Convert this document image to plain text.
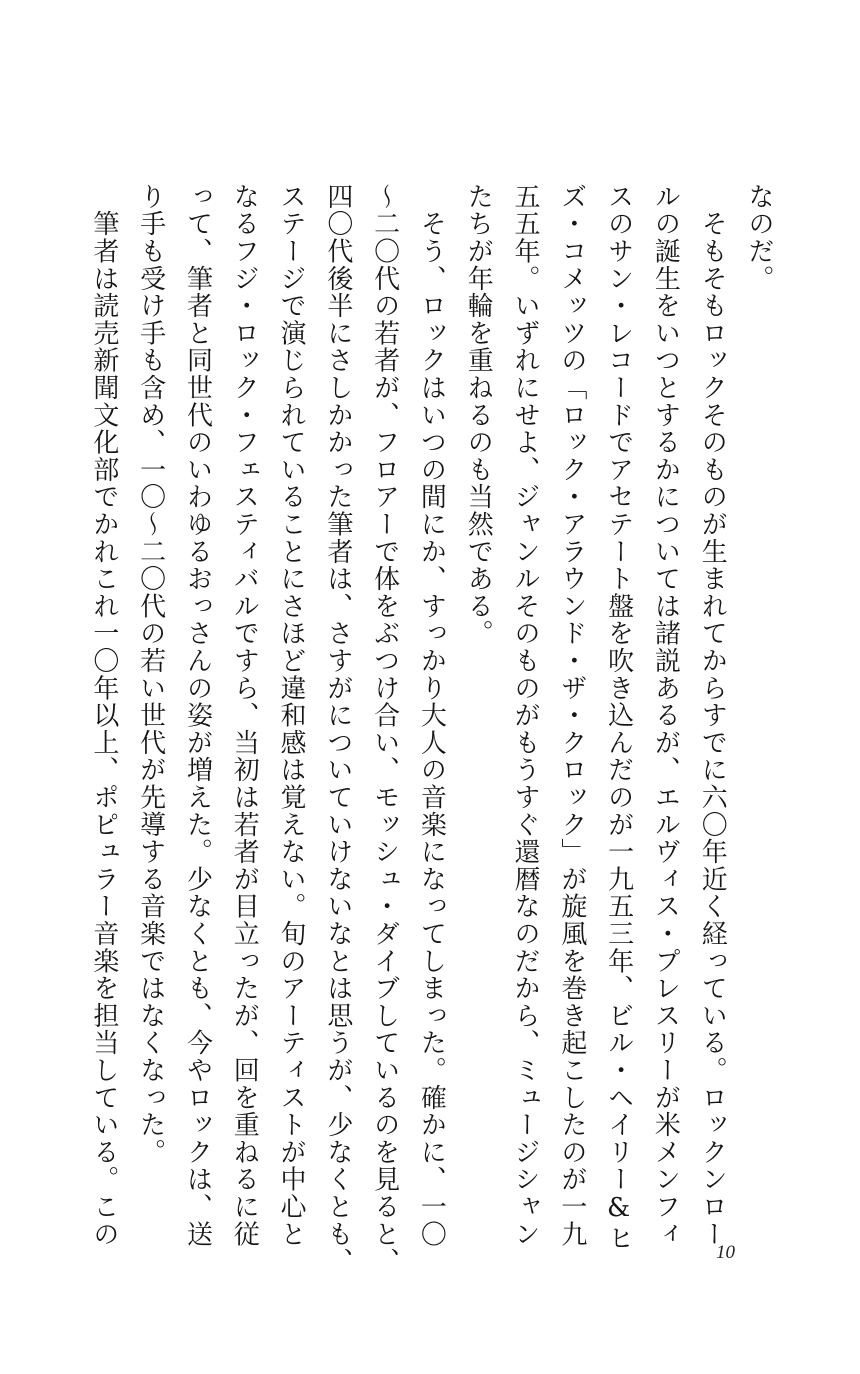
なのだ。
　そもそもロックそのものが生まれてからすでに六〇年近く経っている。ロックンロー
ルの誕生をいつとするかについては諸説あるが、エルヴィス・プレスリーが米メンフィ
スのサン・レコードでアセテート盤を吹き込んだのが一九五三年、ビル・ヘイリー&ヒ
ズ・コメッツの「ロック・アラウンド・ザ・クロック」が旋風を巻き起こしたのが一九
五五年。いずれにせよ、ジャンルそのものがもうすぐ還暦なのだから、ミュージシャン
たちが年輪を重ねるのも当然である。
　そう、ロックはいつの間にか、すっかり大人の音楽になってしまった。確かに、一〇
〜二〇代の若者が、フロアーで体をぶつけ合い、モッシュ・ダイブしているのを見ると、
四〇代後半にさしかかった筆者は、さすがについていけないなとは思うが、少なくとも、
ステージで演じられていることにさほど違和感は覚えない。旬のアーティストが中心と
なるフジ・ロック・フェスティバルですら、当初は若者が目立ったが、回を重ねるに従
って、筆者と同世代のいわゆるおっさんの姿が増えた。少なくとも、今やロックは、送
り手も受け手も含め、一〇〜二〇代の若い世代が先導する音楽ではなくなった。
　筆者は読売新聞文化部でかれこれ一〇年以上、ポピュラー音楽を担当している。この
10
